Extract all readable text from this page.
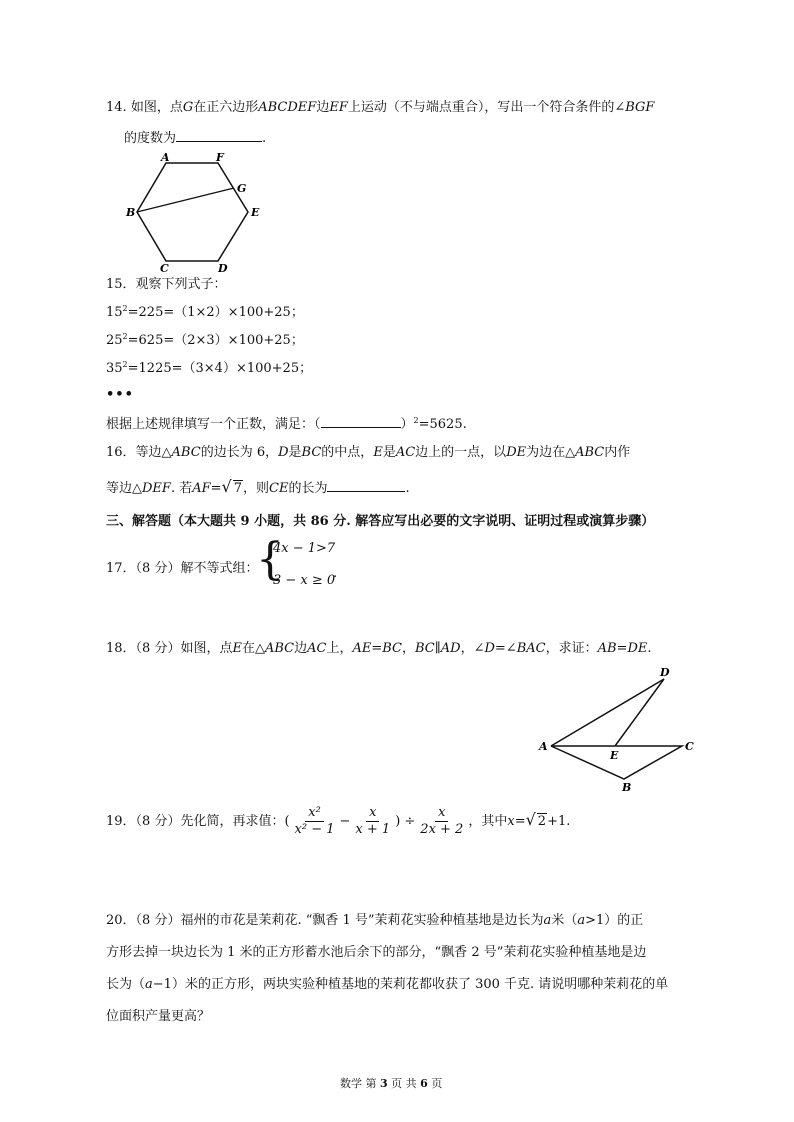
14. 如图，点G在正六边形ABCDEF边EF上运动（不与端点重合），写出一个符合条件的∠BGF
的度数为	.
A	F
G
B	E
C	D
15．观察下列式子：
$15^2=225=(1\times 2)\times 100+25$；
$25^2=625=(2\times 3)\times 100+25$；
$35^2=1225=(3\times 4)\times 100+25$；
•••
根据上述规律填写一个正数，满足：（	）$^2$=5625.
16．等边△ABC的边长为 6，D是BC的中点，E是AC边上的一点，以DE为边在△ABC内作
等边△DEF. 若AF=√ 7，则CE的长为	.
三、解答题（本大题共 9 小题，共 86 分. 解答应写出必要的文字说明、证明过程或演算步骤）
17．（8 分）解不等式组：
{
4x − 1>7
3 − x ≥ 0
.
18．（8 分）如图，点E在△ABC边AC上，AE=BC，BC∥AD，∠D=∠BAC，求证：AB=DE.
D
A
E
C
B
19．（8 分）先化简，再求值：( $\frac{\text{x²}}{\text{x² − 1}} - \frac{x}{x + 1}$ ) ÷ $\frac{x}{2x + 2}$ ，其中x=√ 2+1.
20．（8 分）福州的市花是茉莉花. “飘香 1 号”茉莉花实验种植基地是边长为a米（a>1）的正
方形去掉一块边长为 1 米的正方形蓄水池后余下的部分，“飘香 2 号”茉莉花实验种植基地是边
长为（a−1）米的正方形，两块实验种植基地的茉莉花都收获了 300 千克. 请说明哪种茉莉花的单
位面积产量更高？
数学 第 3 页 共 6 页
